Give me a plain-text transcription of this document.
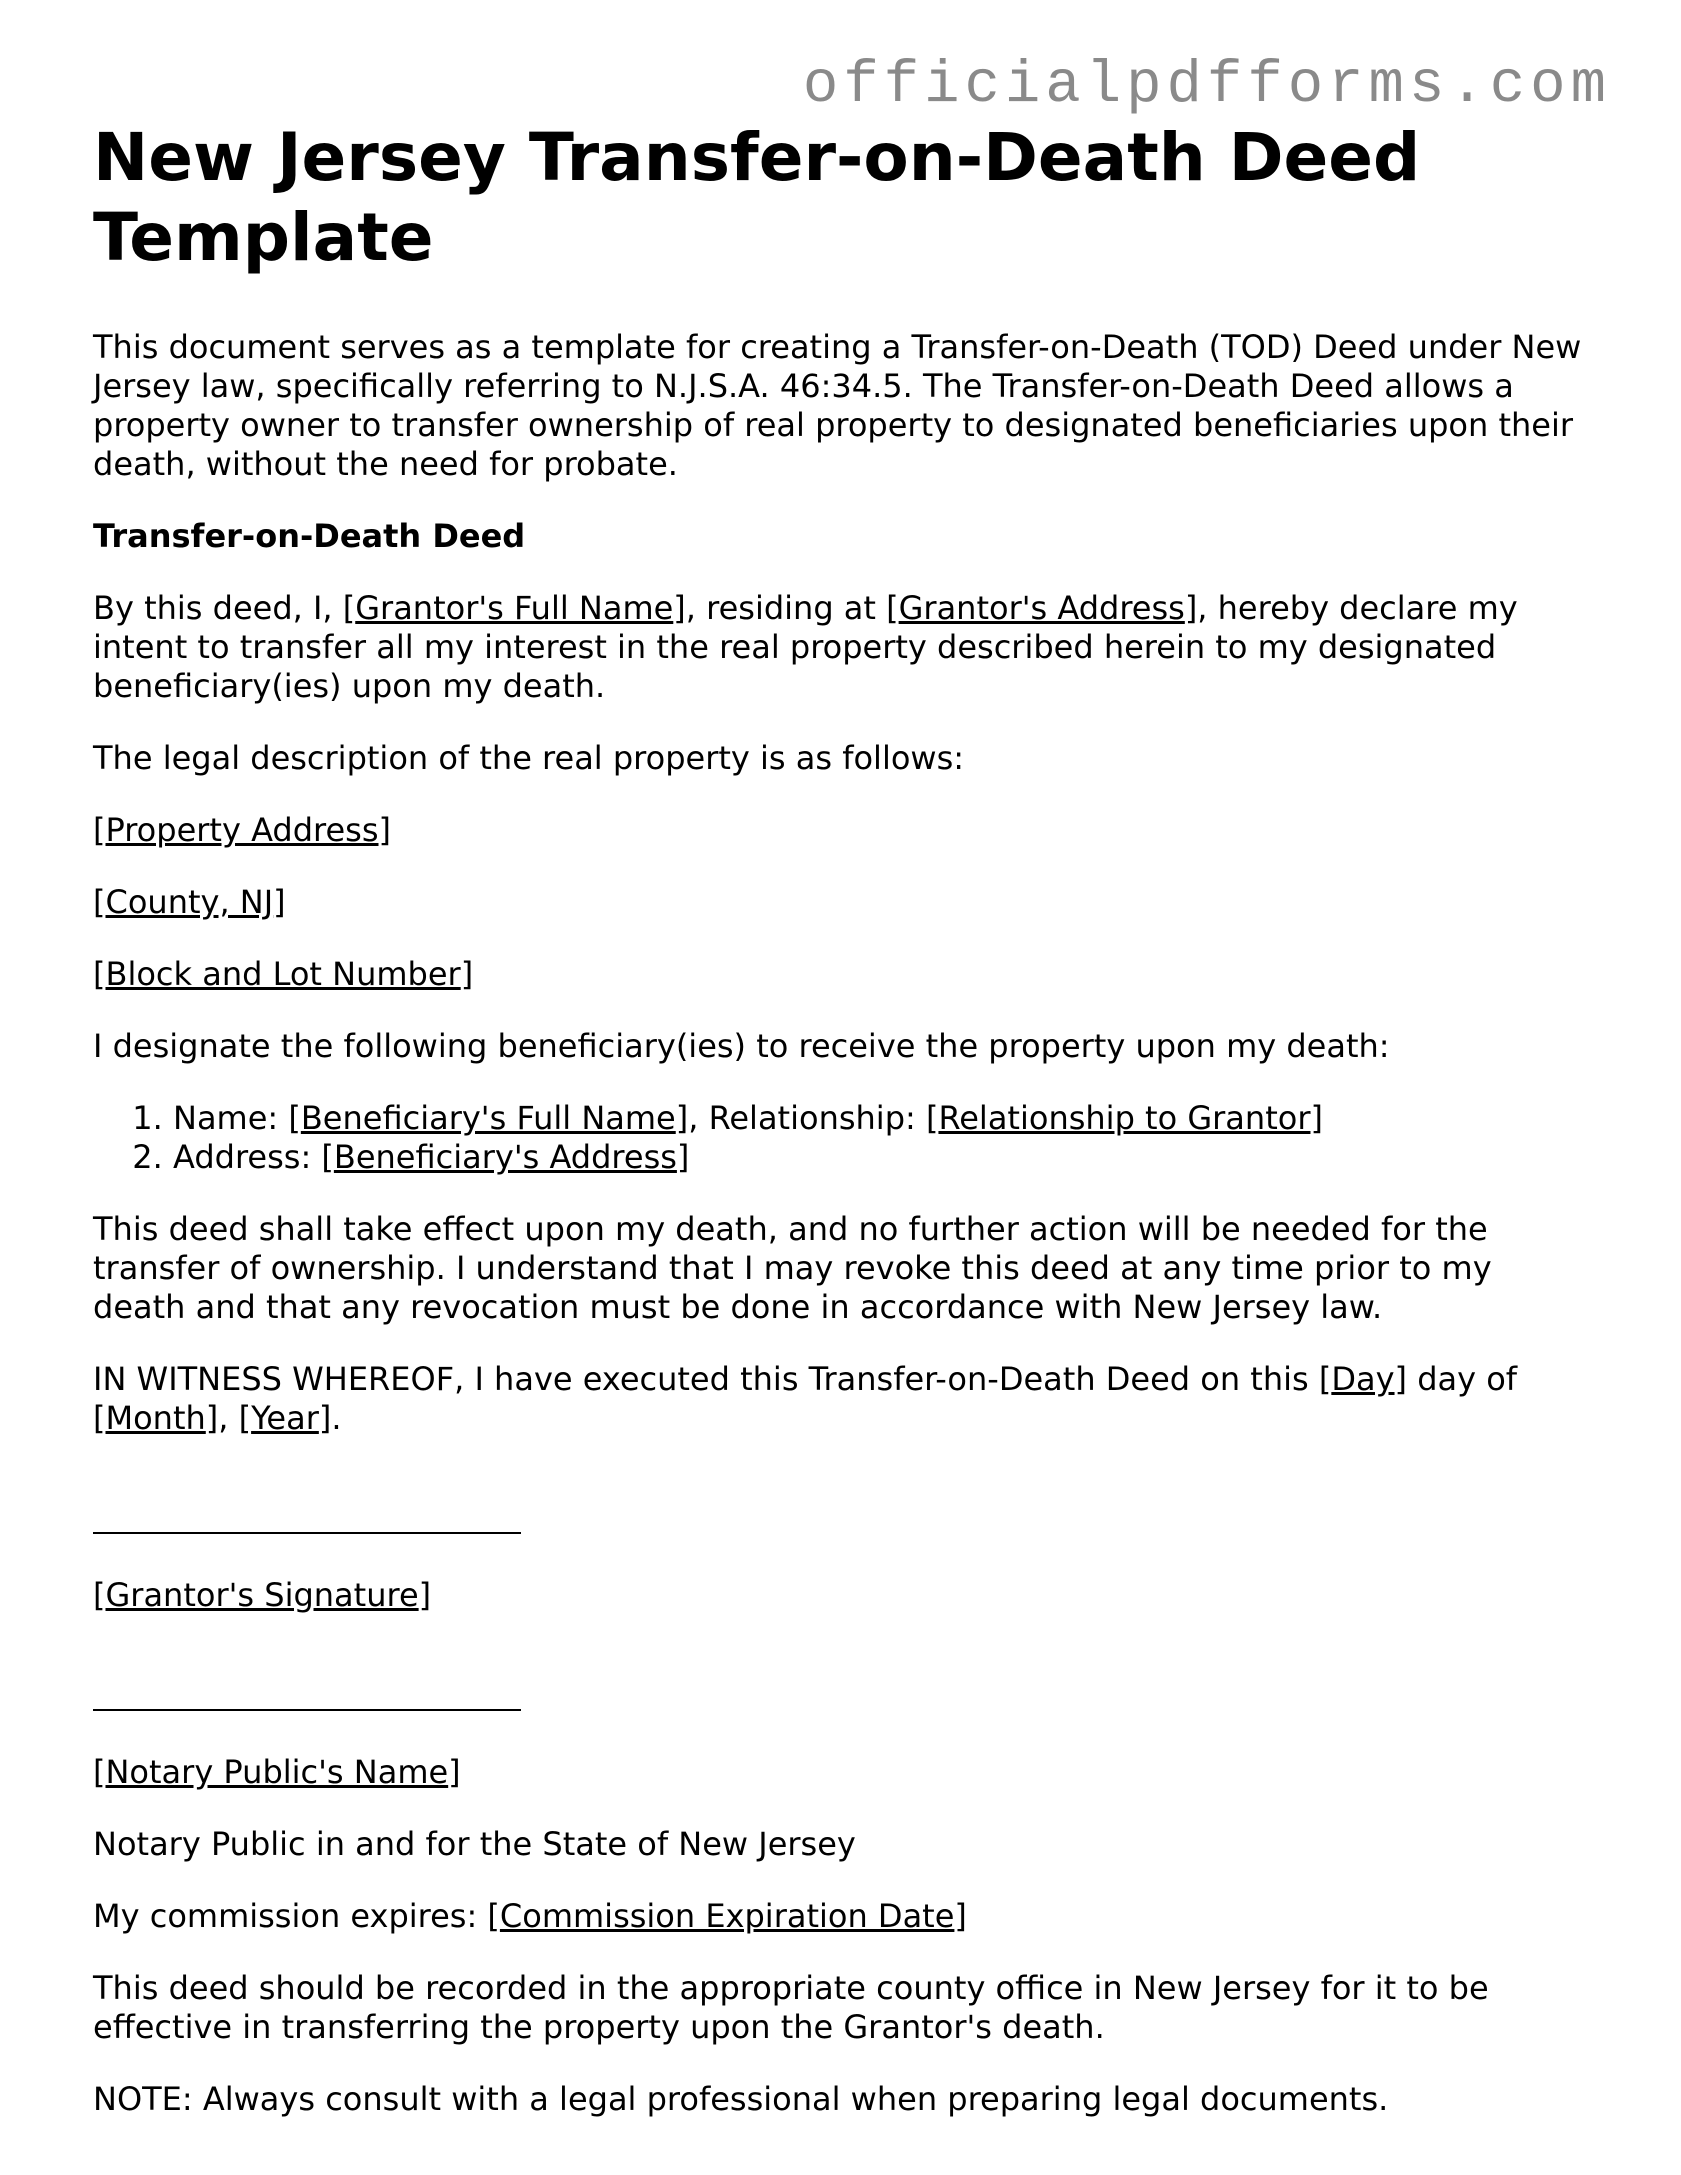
officialpdfforms.com
New Jersey Transfer-on-Death Deed Template

This document serves as a template for creating a Transfer-on-Death (TOD) Deed under New Jersey law, specifically referring to N.J.S.A. 46:34.5. The Transfer-on-Death Deed allows a property owner to transfer ownership of real property to designated beneficiaries upon their death, without the need for probate.

Transfer-on-Death Deed

By this deed, I, [Grantor's Full Name], residing at [Grantor's Address], hereby declare my intent to transfer all my interest in the real property described herein to my designated beneficiary(ies) upon my death.

The legal description of the real property is as follows:

[Property Address]

[County, NJ]

[Block and Lot Number]

I designate the following beneficiary(ies) to receive the property upon my death:

1. Name: [Beneficiary's Full Name], Relationship: [Relationship to Grantor]
2. Address: [Beneficiary's Address]

This deed shall take effect upon my death, and no further action will be needed for the transfer of ownership. I understand that I may revoke this deed at any time prior to my death and that any revocation must be done in accordance with New Jersey law.

IN WITNESS WHEREOF, I have executed this Transfer-on-Death Deed on this [Day] day of [Month], [Year].

[Grantor's Signature]

[Notary Public's Name]

Notary Public in and for the State of New Jersey

My commission expires: [Commission Expiration Date]

This deed should be recorded in the appropriate county office in New Jersey for it to be effective in transferring the property upon the Grantor's death.

NOTE: Always consult with a legal professional when preparing legal documents.
